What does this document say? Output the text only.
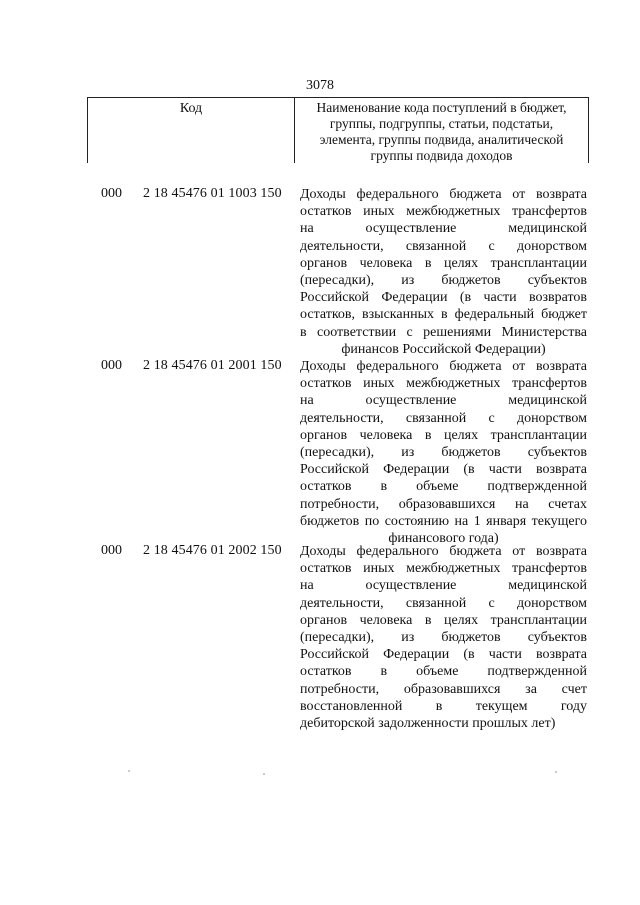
3078
Код	Наименование кода поступлений в бюджет,
группы, подгруппы, статьи, подстатьи,
элемента, группы подвида, аналитической
группы подвида доходов
000 2 18 45476 01 1003 150 Доходы федерального бюджета от возврата
остатков иных межбюджетных трансфертов
на осуществление медицинской
деятельности, связанной с донорством
органов человека в целях трансплантации
(пересадки), из бюджетов субъектов
Российской Федерации (в части возвратов
остатков, взысканных в федеральный бюджет
в соответствии с решениями Министерства
финансов Российской Федерации)
000 2 18 45476 01 2001 150 Доходы федерального бюджета от возврата
остатков иных межбюджетных трансфертов
на осуществление медицинской
деятельности, связанной с донорством
органов человека в целях трансплантации
(пересадки), из бюджетов субъектов
Российской Федерации (в части возврата
остатков в объеме подтвержденной
потребности, образовавшихся на счетах
бюджетов по состоянию на 1 января текущего
финансового года)
000 2 18 45476 01 2002 150 Доходы федерального бюджета от возврата
остатков иных межбюджетных трансфертов
на осуществление медицинской
деятельности, связанной с донорством
органов человека в целях трансплантации
(пересадки), из бюджетов субъектов
Российской Федерации (в части возврата
остатков в объеме подтвержденной
потребности, образовавшихся за счет
восстановленной в текущем году
дебиторской задолженности прошлых лет)
